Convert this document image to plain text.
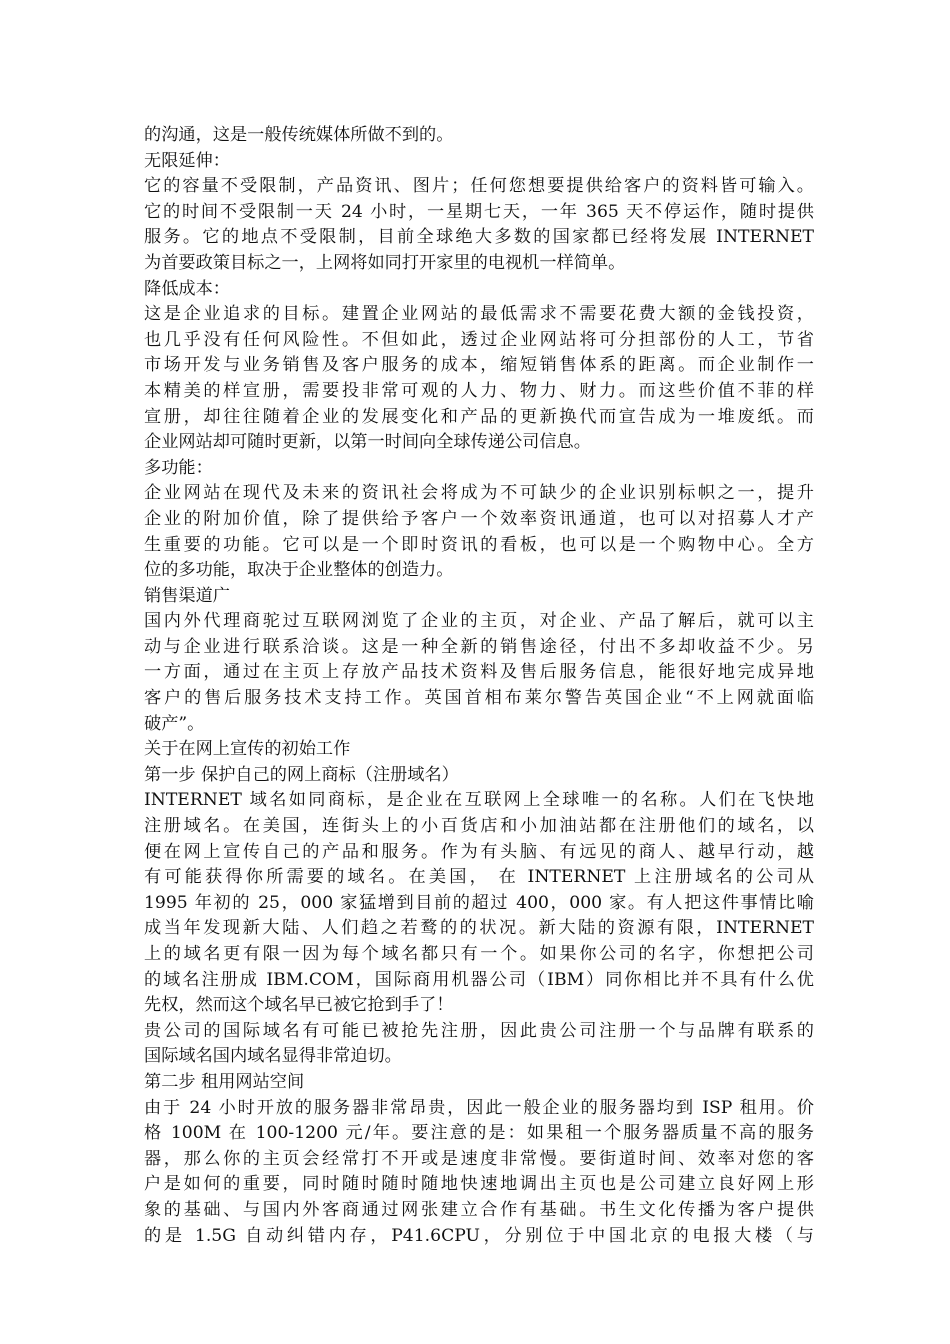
的沟通，这是一般传统媒体所做不到的。
无限延伸：
它的容量不受限制，产品资讯、图片；任何您想要提供给客户的资料皆可输入。
它的时间不受限制一天 24 小时，一星期七天，一年 365 天不停运作，随时提供
服务。它的地点不受限制，目前全球绝大多数的国家都已经将发展 INTERNET
为首要政策目标之一，上网将如同打开家里的电视机一样简单。
降低成本：
这是企业追求的目标。建置企业网站的最低需求不需要花费大额的金钱投资，
也几乎没有任何风险性。不但如此，透过企业网站将可分担部份的人工，节省
市场开发与业务销售及客户服务的成本，缩短销售体系的距离。而企业制作一
本精美的样宣册，需要投非常可观的人力、物力、财力。而这些价值不菲的样
宣册，却往往随着企业的发展变化和产品的更新换代而宣告成为一堆废纸。而
企业网站却可随时更新，以第一时间向全球传递公司信息。
多功能：
企业网站在现代及未来的资讯社会将成为不可缺少的企业识别标帜之一，提升
企业的附加价值，除了提供给予客户一个效率资讯通道，也可以对招募人才产
生重要的功能。它可以是一个即时资讯的看板，也可以是一个购物中心。全方
位的多功能，取决于企业整体的创造力。
销售渠道广
国内外代理商驼过互联网浏览了企业的主页，对企业、产品了解后，就可以主
动与企业进行联系洽谈。这是一种全新的销售途径，付出不多却收益不少。另
一方面，通过在主页上存放产品技术资料及售后服务信息，能很好地完成异地
客户的售后服务技术支持工作。英国首相布莱尔警告英国企业“不上网就面临
破产”。
关于在网上宣传的初始工作
第一步 保护自己的网上商标（注册域名）
INTERNET 域名如同商标，是企业在互联网上全球唯一的名称。人们在飞快地
注册域名。在美国，连街头上的小百货店和小加油站都在注册他们的域名，以
便在网上宣传自己的产品和服务。作为有头脑、有远见的商人、越早行动，越
有可能获得你所需要的域名。在美国， 在 INTERNET 上注册域名的公司从
1995 年初的 25，000 家猛增到目前的超过 400，000 家。有人把这件事情比喻
成当年发现新大陆、人们趋之若鹜的的状况。新大陆的资源有限，INTERNET
上的域名更有限一因为每个域名都只有一个。如果你公司的名字，你想把公司
的域名注册成 IBM.COM，国际商用机器公司（IBM）同你相比并不具有什么优
先权，然而这个域名早已被它抢到手了！
贵公司的国际域名有可能已被抢先注册，因此贵公司注册一个与品牌有联系的
国际域名国内域名显得非常迫切。
第二步 租用网站空间
由于 24 小时开放的服务器非常昂贵，因此一般企业的服务器均到 ISP 租用。价
格 100M 在 100-1200 元/年。要注意的是：如果租一个服务器质量不高的服务
器，那么你的主页会经常打不开或是速度非常慢。要街道时间、效率对您的客
户是如何的重要，同时随时随时随地快速地调出主页也是公司建立良好网上形
象的基础、与国内外客商通过网张建立合作有基础。书生文化传播为客户提供
的是 1.5G 自动纠错内存，P41.6CPU，分别位于中国北京的电报大楼（与
